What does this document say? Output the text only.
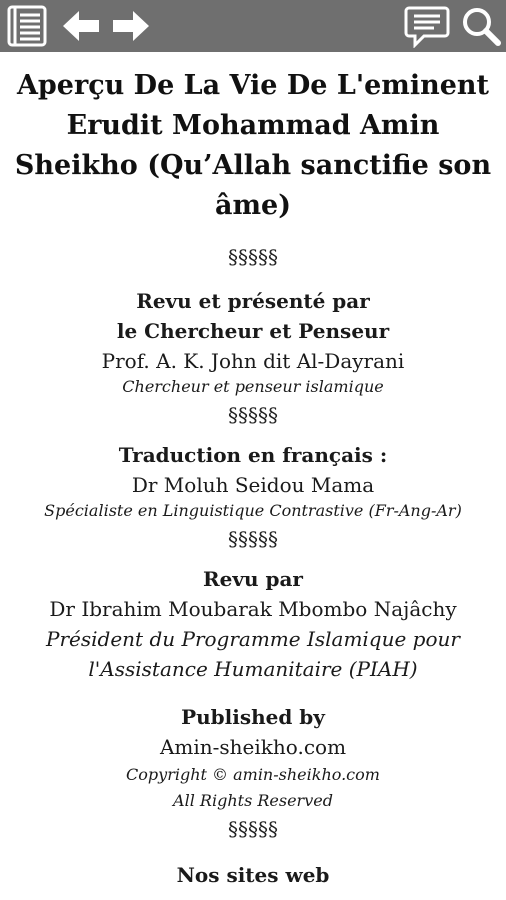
Aperçu De La Vie De L'eminent Erudit Mohammad Amin Sheikho (Qu’Allah sanctifie son âme)
§§§§§
Revu et présenté par
le Chercheur et Penseur
Prof. A. K. John dit Al-Dayrani
Chercheur et penseur islamique
§§§§§
Traduction en français :
Dr Moluh Seidou Mama
Spécialiste en Linguistique Contrastive (Fr-Ang-Ar)
§§§§§
Revu par
Dr Ibrahim Moubarak Mbombo Najâchy
Président du Programme Islamique pour
l'Assistance Humanitaire (PIAH)
Published by
Amin-sheikho.com
Copyright © amin-sheikho.com
All Rights Reserved
§§§§§
Nos sites web
